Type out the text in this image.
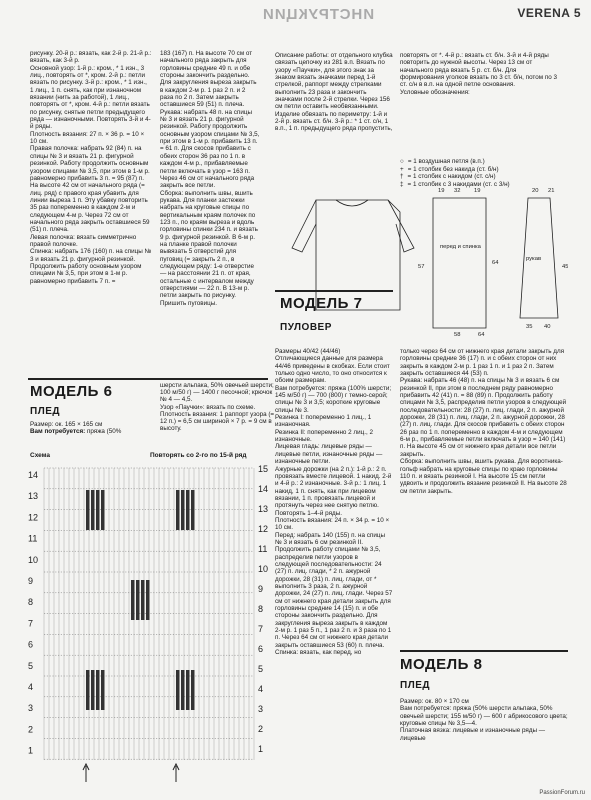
ИНСТРУКЦИИ	VERENA 5

рисунку. 20-й р.: вязать, как 2-й р. 21-й р.: вязать, как 3-й р.
Основной узор: 1-й р.: кром., * 1 изн., 3 лиц., повторять от *, кром. 2-й р.: петли вязать по рисунку. 3-й р.: кром., * 1 изн., 1 лиц., 1 п. снять, как при изнаночном вязании (нить за работой), 1 лиц., повторять от *, кром. 4-й р.: петли вязать по рисунку, снятые петли предыдущего ряда — изнаночными. Повторять 3-й и 4-й ряды.
Плотность вязания: 27 п. × 36 р. = 10 × 10 см.
Правая полочка: набрать 92 (84) п. на спицы № 3 и вязать 21 р. фигурной резинкой. Работу продолжить основным узором спицами № 3,5, при этом в 1-м р. равномерно прибавить 3 п. = 95 (87) п. На высоте 42 см от начального ряда (= лиц. ряд) с правого края убавить для линии выреза 1 п. Эту убавку повторить 35 раз попеременно в каждом 2-м и следующем 4-м р. Через 72 см от начального ряда закрыть оставшиеся 59 (51) п. плеча.
Левая полочка: вязать симметрично правой полочке.
Спинка: набрать 176 (160) п. на спицы № 3 и вязать 21 р. фигурной резинкой. Продолжить работу основным узором спицами № 3,5, при этом в 1-м р. равномерно прибавить 7 п. =

183 (167) п. На высоте 70 см от начального ряда закрыть для горловины средние 49 п. и обе стороны закончить раздельно. Для закругления выреза закрыть в каждом 2-м р. 1 раз 2 п. и 2 раза по 2 п. Затем закрыть оставшиеся 59 (51) п. плеча.
Рукава: набрать 48 п. на спицы № 3 и вязать 21 р. фигурной резинкой. Работу продолжить основным узором спицами № 3,5, при этом в 1-м р. прибавить 13 п. = 61 п. Для скосов прибавить с обеих сторон 36 раз по 1 п. в каждом 4-м р., прибавляемые петли включать в узор = 163 п. Через 46 см от начального ряда закрыть все петли.
Сборка: выполнить швы, вшить рукава. Для планки застежки набрать на круговые спицы по вертикальным краям полочек по 123 п., по краям выреза и вдоль горловины спинки 234 п. и вязать 9 р. фигурной резинкой. В 6-м р. на планке правой полочки вывязать 5 отверстий для пуговиц (= закрыть 2 п., в следующем ряду: 1-е отверстие — на расстоянии 21 п. от края, остальные с интервалом между отверстиями — 22 п. В 13-м р. петли закрыть по рисунку. Пришить пуговицы.

Описание работы: от отдельного клубка связать цепочку из 281 в.п. Вязать по узору «Паучки», для этого знак за знаком вязать значками перед 1-й стрелкой, раппорт между стрелками выполнить 23 раза и закончить значками после 2-й стрелки. Через 156 см петли оставить необвязанными. Изделие обвязать по периметру: 1-й и 2-й р. вязать ст. б/н. 3-й р.: * 1 ст. с/н, 1 в.п., 1 п. предыдущего ряда пропустить,

повторять от *. 4-й р.: вязать ст. б/н. 3-й и 4-й ряды повторить до нужной высоты. Через 13 см от начального ряда вязать 5 р. ст. б/н. Для формирования уголков вязать по 3 ст. б/н, потом по 3 ст. с/н в в.п. на одной петле основания.
Условные обозначения:

○ = 1 воздушная петля (в.п.)
+ = 1 столбик без накида (ст. б/н)
† = 1 столбик с накидом (ст. с/н)
‡ = 1 столбик с 3 накидами (ст. с 3/н)
МОДЕЛЬ 6
ПЛЕД
Размер: ок. 165 × 165 см
Вам потребуется: пряжа (50%

шерсти альпака, 50% овечьей шерсти; 100 м/50 г) — 1400 г песочной; крючок № 4 — 4,5.
Узор «Паучки»: вязать по схеме.
Плотность вязания: 1 раппорт узора (= 12 п.) = 6,5 см шириной × 7 р. = 9 см в высоту.

Схема	Повторять со 2-го по 15-й ряд
14
13
12
11
10
9
8
7
6
5
4
3
2
1
15
14
13
12
11
10
9
8
7
6
5
4
3
2
1
МОДЕЛЬ 7
ПУЛОВЕР
19 32 19
57
64
перед и спинка
рукав
58	64
20 21
45
35 40

Размеры 40/42 (44/46)
Отличающиеся данные для размера 44/46 приведены в скобках. Если стоит только одно число, то оно относится к обоим размерам.
Вам потребуется: пряжа (100% шерсти; 145 м/50 г) — 700 (800) г темно-серой; спицы № 3 и 3,5; короткие круговые спицы № 3.
Резинка I: попеременно 1 лиц., 1 изнаночная.
Резинка II: попеременно 2 лиц., 2 изнаночные.
Лицевая гладь: лицевые ряды — лицевые петли, изнаночные ряды — изнаночные петли.
Ажурные дорожки (на 2 п.): 1-й р.: 2 п. провязать вместе лицевой. 1 накид. 2-й и 4-й р.: 2 изнаночные. 3-й р.: 1 лиц. 1 накид, 1 п. снять, как при лицевом вязании, 1 п. провязать лицевой и протянуть через нее снятую петлю. Повторять 1–4-й ряды.
Плотность вязания: 24 п. × 34 р. = 10 × 10 см.
Перед: набрать 140 (155) п. на спицы № 3 и вязать 6 см резинкой II. Продолжить работу спицами № 3,5, распределив петли узоров в следующей последовательности: 24 (27) п. лиц. глади, * 2 п. ажурной дорожки, 28 (31) п. лиц. глади, от * выполнить 3 раза, 2 п. ажурной дорожки, 24 (27) п. лиц. глади. Через 57 см от нижнего края детали закрыть для горловины средние 14 (15) п. и обе стороны закончить раздельно. Для закругления выреза закрыть в каждом 2-м р. 1 раз 5 п., 1 раз 2 п. и 3 раза по 1 п. Через 64 см от нижнего края детали закрыть оставшиеся 53 (60) п. плеча.
Спинка: вязать, как перед, но

только через 64 см от нижнего края детали закрыть для горловины средние 36 (17) п. и с обеих сторон от них закрыть в каждом 2-м р. 1 раз 1 п. и 1 раз 2 п. Затем закрыть оставшиеся 44 (53) п.
Рукава: набрать 46 (48) п. на спицы № 3 и вязать 6 см резинкой II, при этом в последнем ряду равномерно прибавить 42 (41) п. = 88 (89) п. Продолжить работу спицами № 3,5, распределив петли узоров в следующей последовательности: 28 (27) п. лиц. глади, 2 п. ажурной дорожки, 28 (31) п. лиц. глади, 2 п. ажурной дорожки, 28 (27) п. лиц. глади. Для скосов прибавить с обеих сторон 26 раз по 1 п. попеременно в каждом 4-м и следующем 6-м р., прибавляемые петли включать в узор = 140 (141) п. На высоте 45 см от нижнего края детали все петли закрыть.
Сборка: выполнить швы, вшить рукава. Для воротника-гольф набрать на круговые спицы по краю горловины 110 п. и вязать резинкой I. На высоте 15 см петли удвоить и продолжить вязание резинкой II. На высоте 28 см петли закрыть.

МОДЕЛЬ 8
ПЛЕД

Размер: ок. 80 × 170 см
Вам потребуется: пряжа (50% шерсти альпака, 50% овечьей шерсти; 155 м/50 г) — 600 г абрикосового цвета; круговые спицы № 3,5—4.
Платочная вязка: лицевые и изнаночные ряды — лицевые

PassionForum.ru
